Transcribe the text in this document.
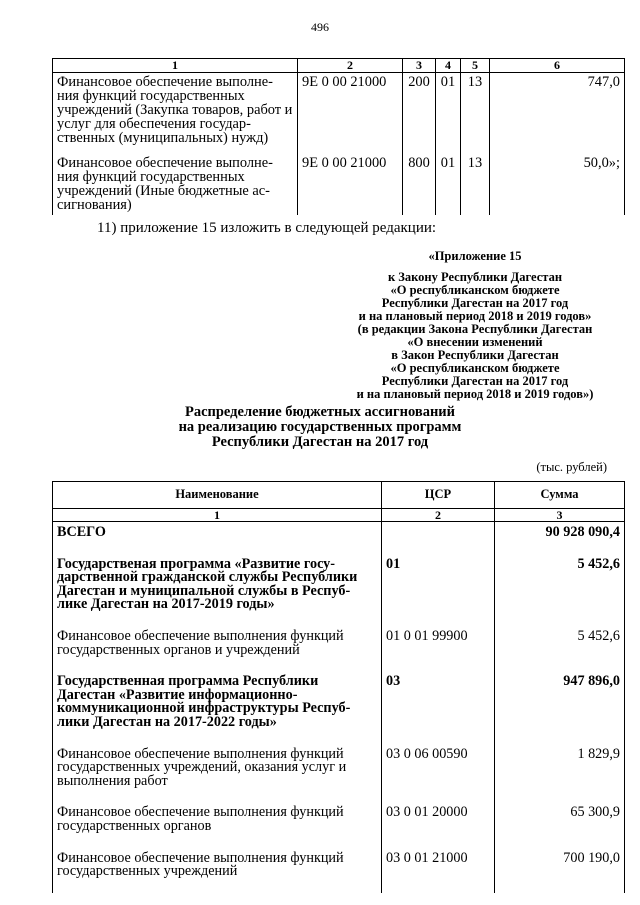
496
1	2	3	4	5	6
Финансовое обеспечение выполне-ния функций государственных учреждений (Закупка товаров, работ и услуг для обеспечения государ-ственных (муниципальных) нужд)	9Е 0 00 21000	200	01	13	747,0
Финансовое обеспечение выполне-ния функций государственных учреждений (Иные бюджетные ас-сигнования)	9Е 0 00 21000	800	01	13	50,0»;
11) приложение 15 изложить в следующей редакции:
«Приложение 15
к Закону Республики Дагестан
«О республиканском бюджете
Республики Дагестан на 2017 год
и на плановый период 2018 и 2019 годов»
(в редакции Закона Республики Дагестан
«О внесении изменений
в Закон Республики Дагестан
«О республиканском бюджете
Республики Дагестан на 2017 год
и на плановый период 2018 и 2019 годов»)
Распределение бюджетных ассигнований
на реализацию государственных программ
Республики Дагестан на 2017 год
(тыс. рублей)
Наименование	ЦСР	Сумма
1	2	3
ВСЕГО		90 928 090,4
Государственая программа «Развитие госу-дарственной гражданской службы Республики Дагестан и муниципальной службы в Респуб-лике Дагестан на 2017-2019 годы»	01	5 452,6
Финансовое обеспечение выполнения функций государственных органов и учреждений	01 0 01 99900	5 452,6
Государственная программа Республики Дагестан «Развитие информационно-коммуникационной инфраструктуры Респуб-лики Дагестан на 2017-2022 годы»	03	947 896,0
Финансовое обеспечение выполнения функций государственных учреждений, оказания услуг и выполнения работ	03 0 06 00590	1 829,9
Финансовое обеспечение выполнения функций государственных органов	03 0 01 20000	65 300,9
Финансовое обеспечение выполнения функций государственных учреждений	03 0 01 21000	700 190,0
